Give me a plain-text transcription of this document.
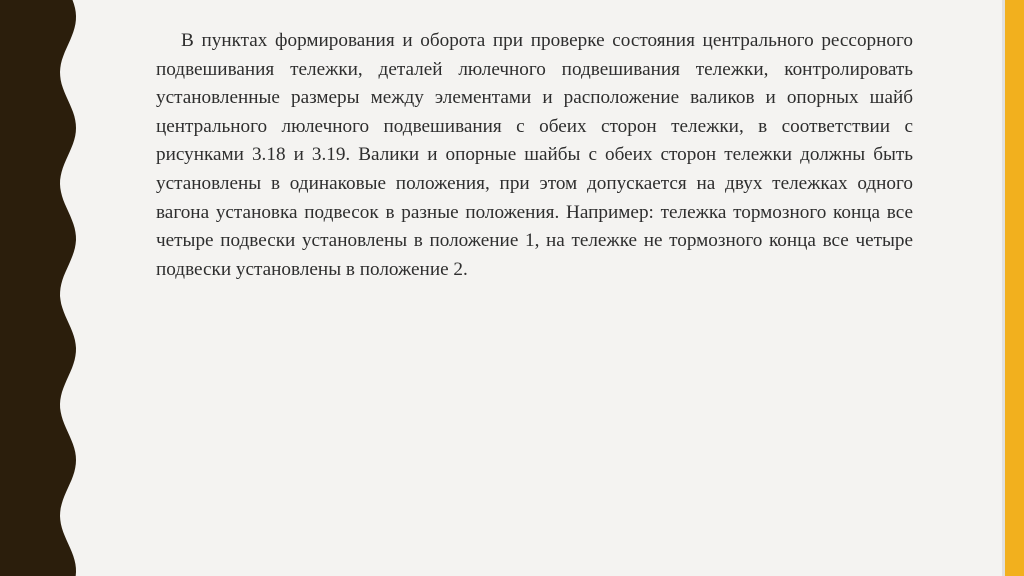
В пунктах формирования и оборота при проверке состояния центрального рессорного подвешивания тележки, деталей люлечного подвешивания тележки, контролировать установленные размеры между элементами и расположение валиков и опорных шайб центрального люлечного подвешивания с обеих сторон тележки, в соответствии с рисунками 3.18 и 3.19. Валики и опорные шайбы с обеих сторон тележки должны быть установлены в одинаковые положения, при этом допускается на двух тележках одного вагона установка подвесок в разные положения. Например: тележка тормозного конца все четыре подвески установлены в положение 1, на тележке не тормозного конца все четыре подвески установлены в положение 2.
